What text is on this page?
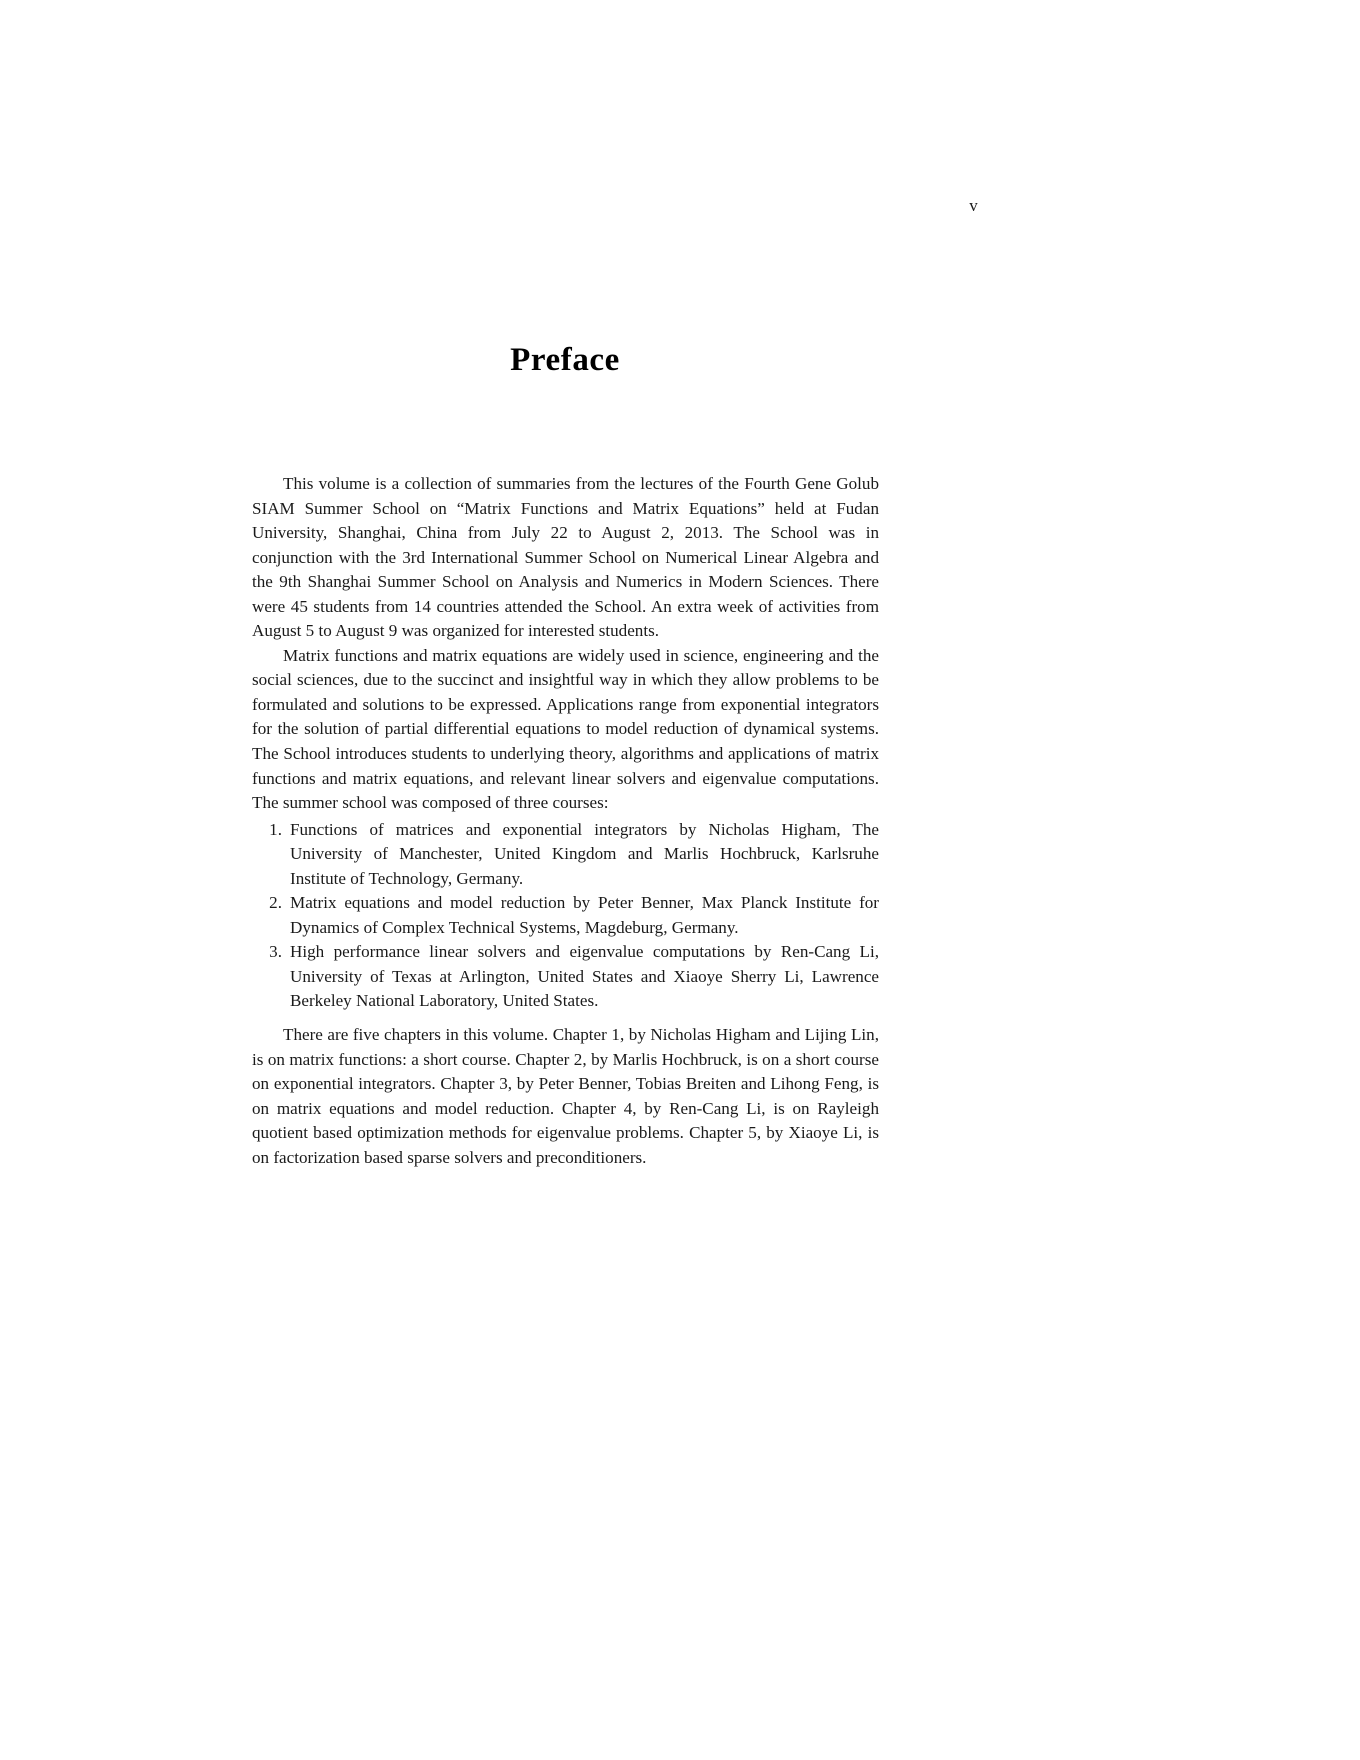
v
Preface

This volume is a collection of summaries from the lectures of the Fourth Gene Golub SIAM Summer School on “Matrix Functions and Matrix Equations” held at Fudan University, Shanghai, China from July 22 to August 2, 2013. The School was in conjunction with the 3rd International Summer School on Numerical Linear Algebra and the 9th Shanghai Summer School on Analysis and Numerics in Modern Sciences. There were 45 students from 14 countries attended the School. An extra week of activities from August 5 to August 9 was organized for interested students.

Matrix functions and matrix equations are widely used in science, engineering and the social sciences, due to the succinct and insightful way in which they allow problems to be formulated and solutions to be expressed. Applications range from exponential integrators for the solution of partial differential equations to model reduction of dynamical systems. The School introduces students to underlying theory, algorithms and applications of matrix functions and matrix equations, and relevant linear solvers and eigenvalue computations. The summer school was composed of three courses:

1. Functions of matrices and exponential integrators by Nicholas Higham, The University of Manchester, United Kingdom and Marlis Hochbruck, Karlsruhe Institute of Technology, Germany.
2. Matrix equations and model reduction by Peter Benner, Max Planck Institute for Dynamics of Complex Technical Systems, Magdeburg, Germany.
3. High performance linear solvers and eigenvalue computations by Ren-Cang Li, University of Texas at Arlington, United States and Xiaoye Sherry Li, Lawrence Berkeley National Laboratory, United States.

There are five chapters in this volume. Chapter 1, by Nicholas Higham and Lijing Lin, is on matrix functions: a short course. Chapter 2, by Marlis Hochbruck, is on a short course on exponential integrators. Chapter 3, by Peter Benner, Tobias Breiten and Lihong Feng, is on matrix equations and model reduction. Chapter 4, by Ren-Cang Li, is on Rayleigh quotient based optimization methods for eigenvalue problems. Chapter 5, by Xiaoye Li, is on factorization based sparse solvers and preconditioners.
